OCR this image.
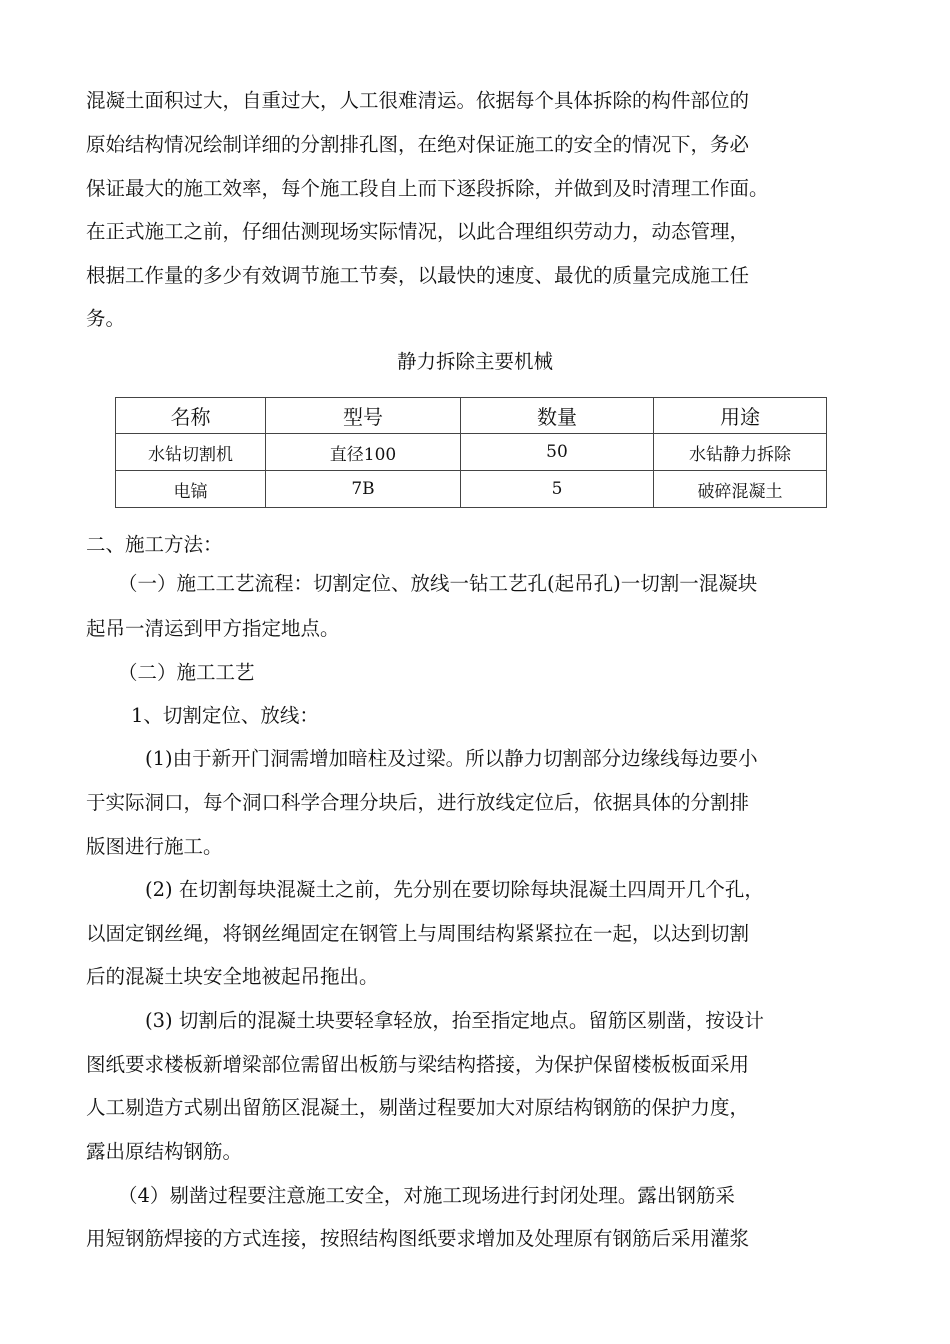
混凝土面积过大，自重过大，人工很难清运。依据每个具体拆除的构件部位的
原始结构情况绘制详细的分割排孔图，在绝对保证施工的安全的情况下，务必
保证最大的施工效率，每个施工段自上而下逐段拆除，并做到及时清理工作面。
在正式施工之前，仔细估测现场实际情况，以此合理组织劳动力，动态管理，
根据工作量的多少有效调节施工节奏，以最快的速度、最优的质量完成施工任
务。
静力拆除主要机械
名称	型号	数量	用途
水钻切割机	直径100	50	水钻静力拆除
电镐	7B	5	破碎混凝土
二、施工方法：
（一）施工工艺流程：切割定位、放线一钻工艺孔(起吊孔)一切割一混凝块
起吊一清运到甲方指定地点。
（二）施工工艺
1、切割定位、放线：
(1)由于新开门洞需增加暗柱及过梁。所以静力切割部分边缘线每边要小
于实际洞口，每个洞口科学合理分块后，进行放线定位后，依据具体的分割排
版图进行施工。
(2) 在切割每块混凝土之前，先分别在要切除每块混凝土四周开几个孔，
以固定钢丝绳，将钢丝绳固定在钢管上与周围结构紧紧拉在一起，以达到切割
后的混凝土块安全地被起吊拖出。
(3) 切割后的混凝土块要轻拿轻放，抬至指定地点。留筋区剔凿，按设计
图纸要求楼板新增梁部位需留出板筋与梁结构搭接，为保护保留楼板板面采用
人工剔造方式剔出留筋区混凝土，剔凿过程要加大对原结构钢筋的保护力度，
露出原结构钢筋。
（4）剔凿过程要注意施工安全，对施工现场进行封闭处理。露出钢筋采
用短钢筋焊接的方式连接，按照结构图纸要求增加及处理原有钢筋后采用灌浆
